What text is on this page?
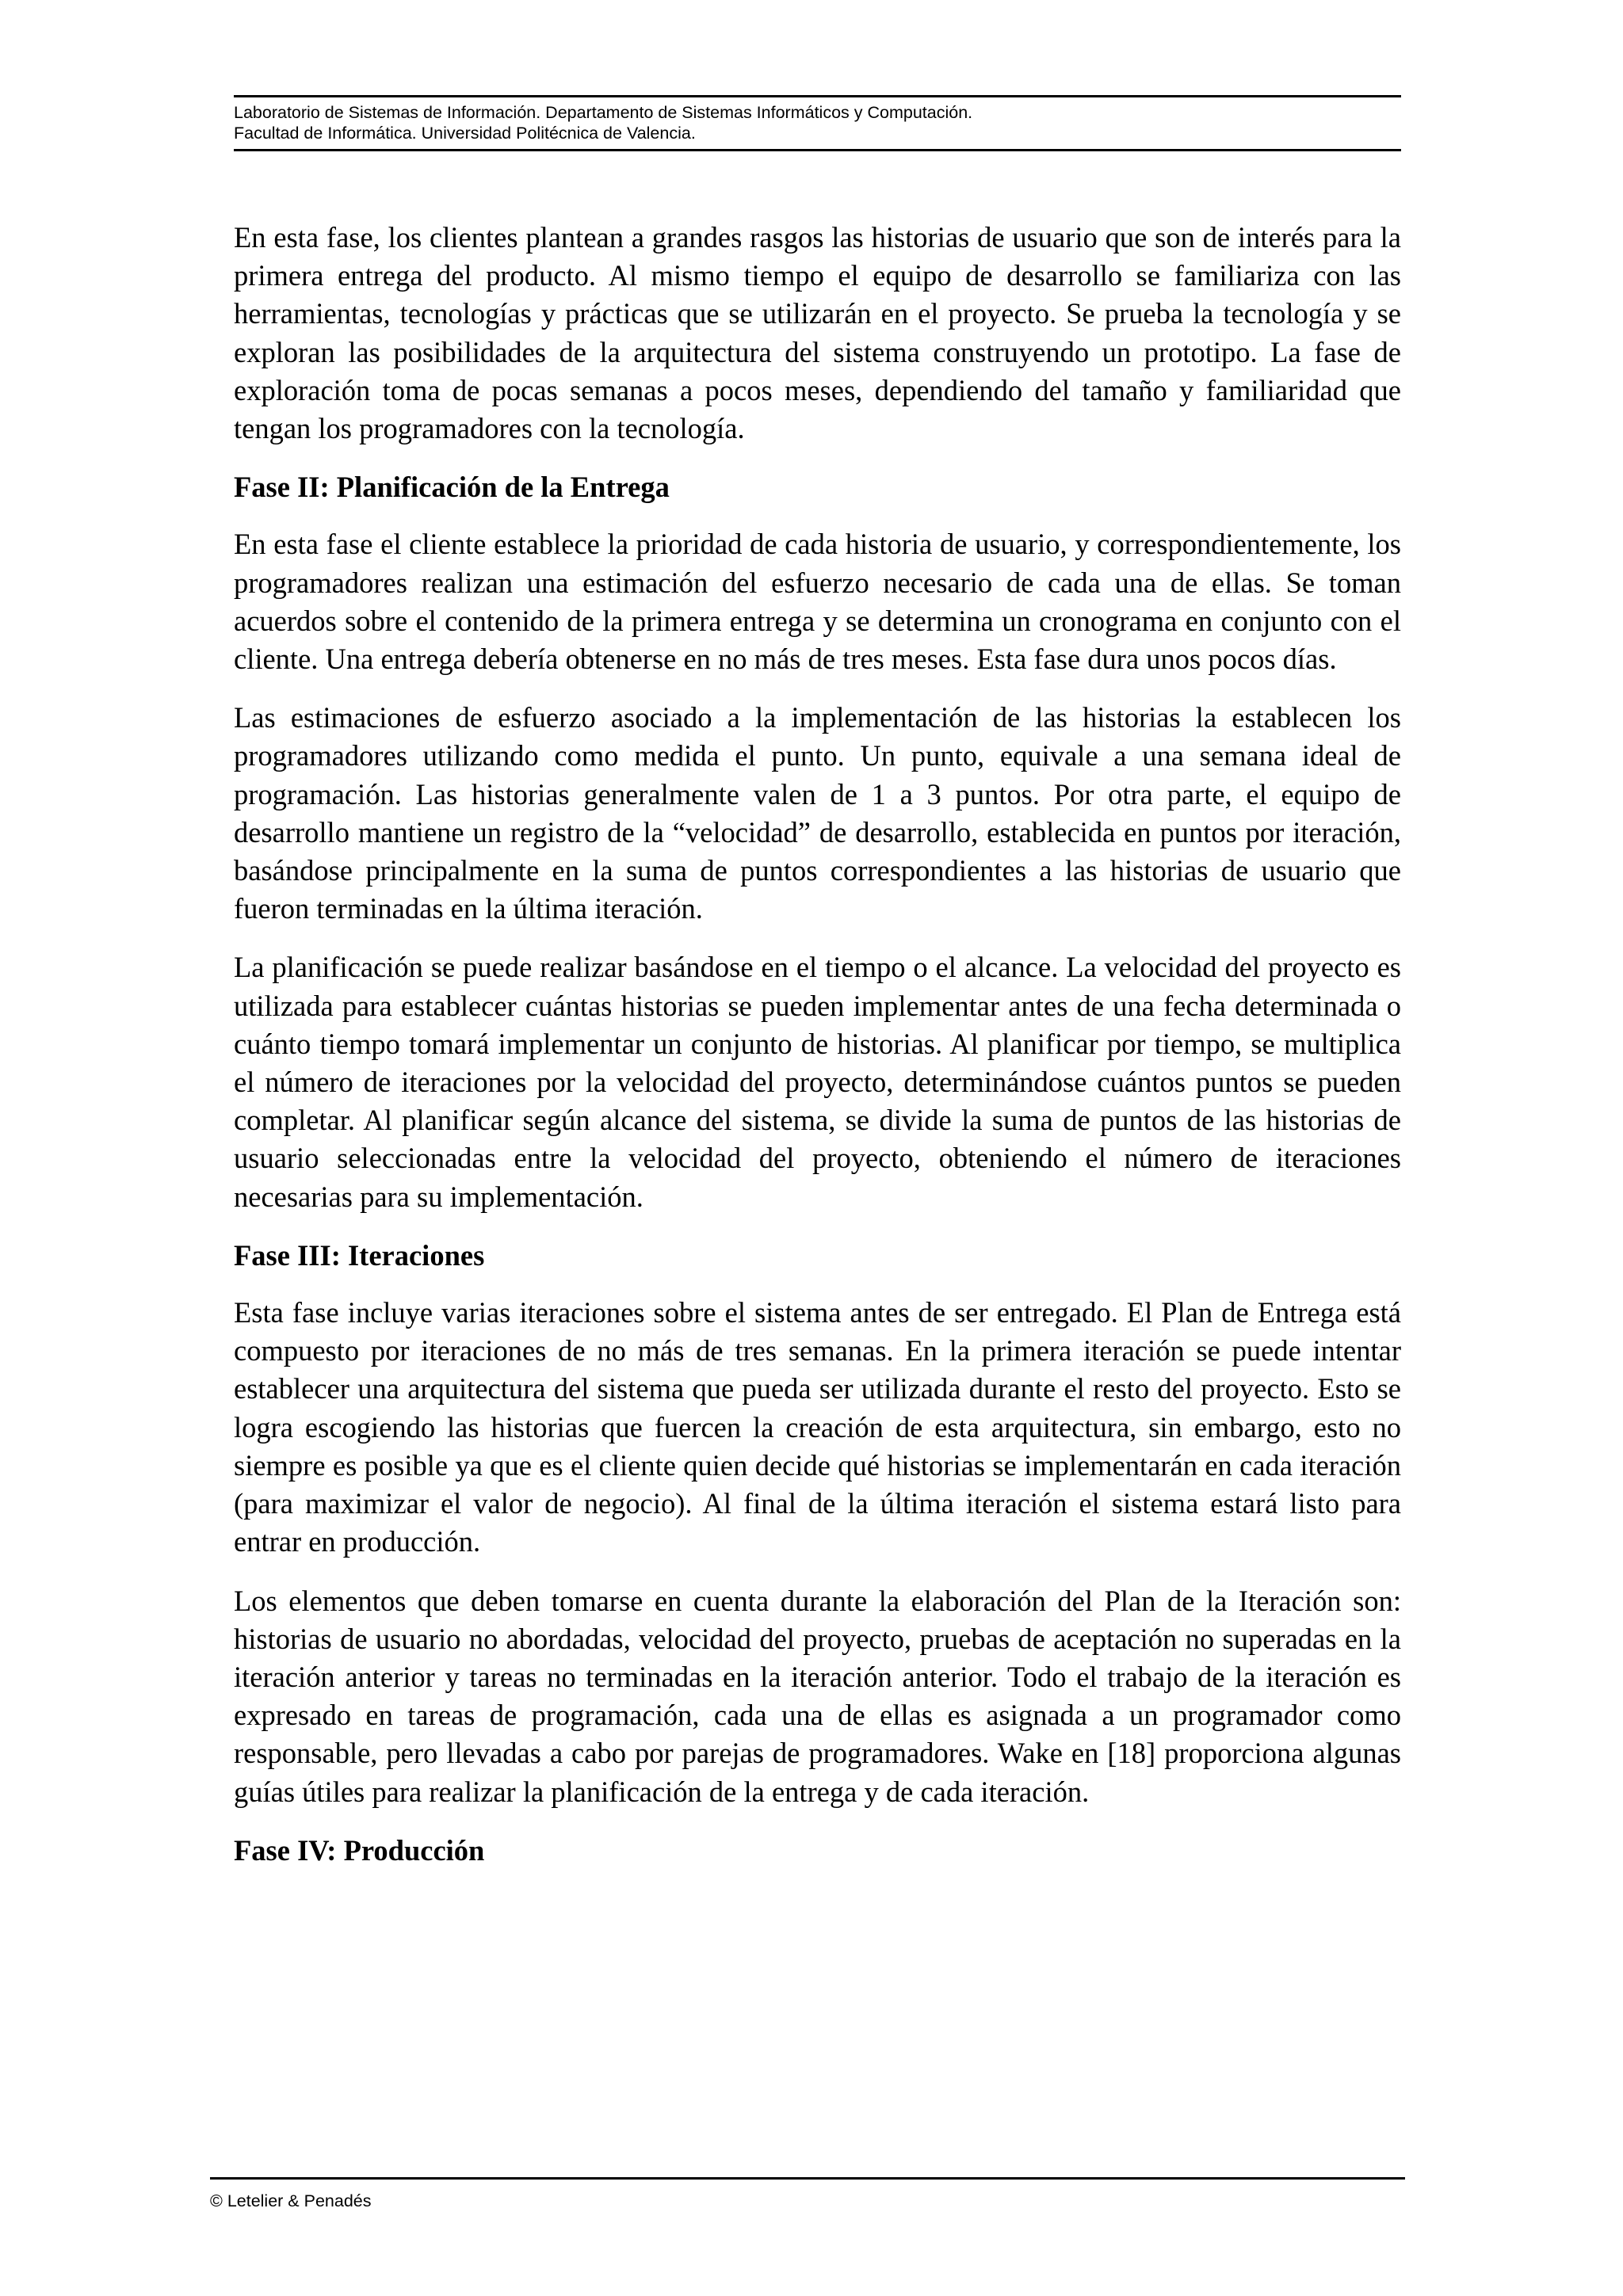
Laboratorio de Sistemas de Información. Departamento de Sistemas Informáticos y Computación.
Facultad de Informática. Universidad Politécnica de Valencia.

En esta fase, los clientes plantean a grandes rasgos las historias de usuario que son de interés para la primera entrega del producto. Al mismo tiempo el equipo de desarrollo se familiariza con las herramientas, tecnologías y prácticas que se utilizarán en el proyecto. Se prueba la tecnología y se exploran las posibilidades de la arquitectura del sistema construyendo un prototipo. La fase de exploración toma de pocas semanas a pocos meses, dependiendo del tamaño y familiaridad que tengan los programadores con la tecnología.

Fase II: Planificación de la Entrega

En esta fase el cliente establece la prioridad de cada historia de usuario, y correspondientemente, los programadores realizan una estimación del esfuerzo necesario de cada una de ellas. Se toman acuerdos sobre el contenido de la primera entrega y se determina un cronograma en conjunto con el cliente. Una entrega debería obtenerse en no más de tres meses. Esta fase dura unos pocos días.

Las estimaciones de esfuerzo asociado a la implementación de las historias la establecen los programadores utilizando como medida el punto. Un punto, equivale a una semana ideal de programación. Las historias generalmente valen de 1 a 3 puntos. Por otra parte, el equipo de desarrollo mantiene un registro de la “velocidad” de desarrollo, establecida en puntos por iteración, basándose principalmente en la suma de puntos correspondientes a las historias de usuario que fueron terminadas en la última iteración.

La planificación se puede realizar basándose en el tiempo o el alcance. La velocidad del proyecto es utilizada para establecer cuántas historias se pueden implementar antes de una fecha determinada o cuánto tiempo tomará implementar un conjunto de historias. Al planificar por tiempo, se multiplica el número de iteraciones por la velocidad del proyecto, determinándose cuántos puntos se pueden completar. Al planificar según alcance del sistema, se divide la suma de puntos de las historias de usuario seleccionadas entre la velocidad del proyecto, obteniendo el número de iteraciones necesarias para su implementación.

Fase III: Iteraciones

Esta fase incluye varias iteraciones sobre el sistema antes de ser entregado. El Plan de Entrega está compuesto por iteraciones de no más de tres semanas. En la primera iteración se puede intentar establecer una arquitectura del sistema que pueda ser utilizada durante el resto del proyecto. Esto se logra escogiendo las historias que fuercen la creación de esta arquitectura, sin embargo, esto no siempre es posible ya que es el cliente quien decide qué historias se implementarán en cada iteración (para maximizar el valor de negocio). Al final de la última iteración el sistema estará listo para entrar en producción.

Los elementos que deben tomarse en cuenta durante la elaboración del Plan de la Iteración son: historias de usuario no abordadas, velocidad del proyecto, pruebas de aceptación no superadas en la iteración anterior y tareas no terminadas en la iteración anterior. Todo el trabajo de la iteración es expresado en tareas de programación, cada una de ellas es asignada a un programador como responsable, pero llevadas a cabo por parejas de programadores. Wake en [18] proporciona algunas guías útiles para realizar la planificación de la entrega y de cada iteración.

Fase IV: Producción
© Letelier & Penadés
